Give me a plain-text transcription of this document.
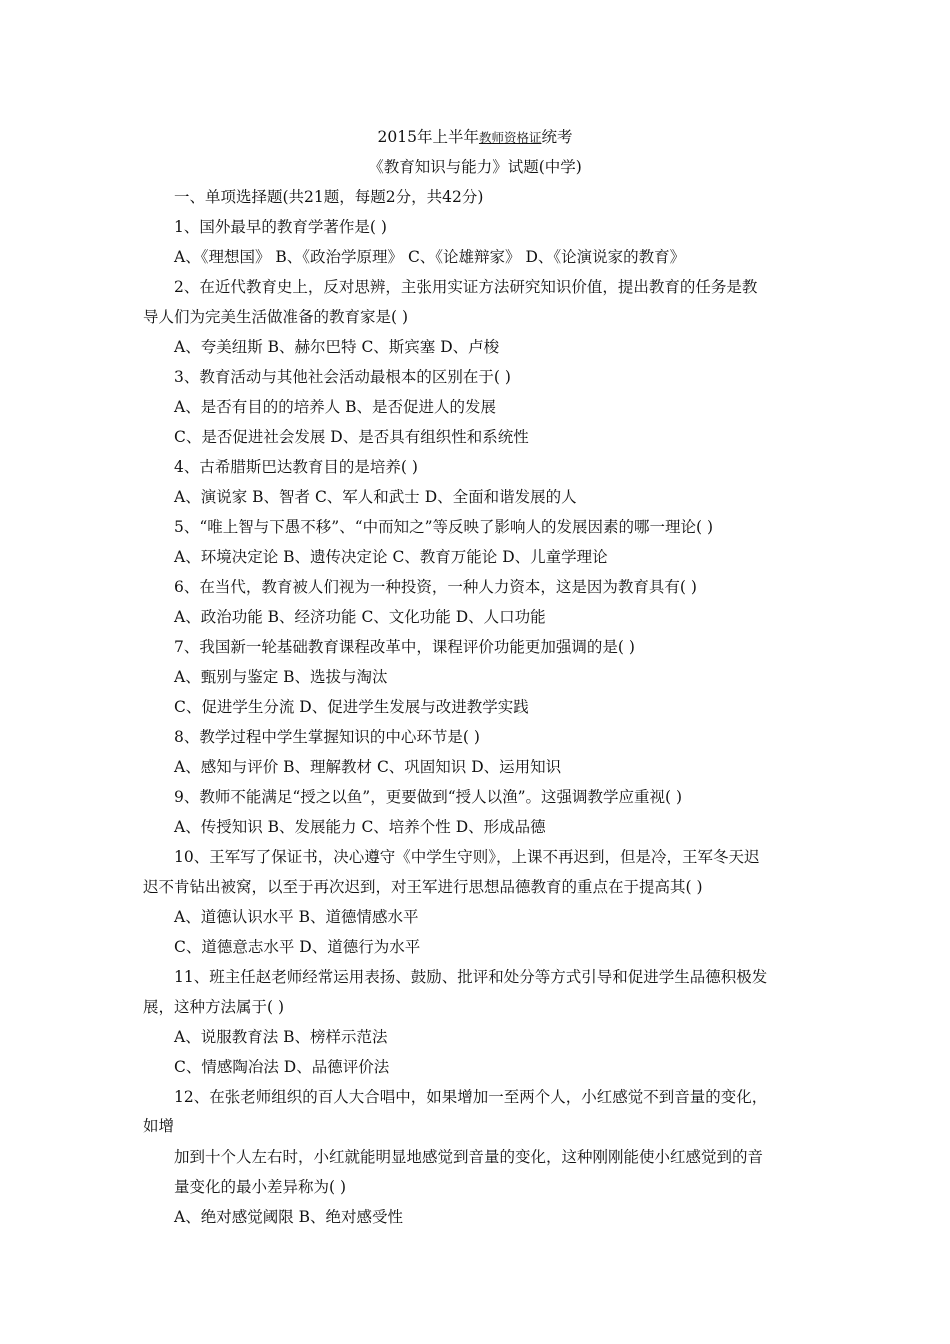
2015年上半年教师资格证统考
《教育知识与能力》试题(中学)
一、单项选择题(共21题，每题2分，共42分)
1、国外最早的教育学著作是( )
A、《理想国》 B、《政治学原理》 C、《论雄辩家》 D、《论演说家的教育》
2、在近代教育史上，反对思辨，主张用实证方法研究知识价值，提出教育的任务是教
导人们为完美生活做准备的教育家是( )
A、夸美纽斯 B、赫尔巴特 C、斯宾塞 D、卢梭
3、教育活动与其他社会活动最根本的区别在于( )
A、是否有目的的培养人 B、是否促进人的发展
C、是否促进社会发展 D、是否具有组织性和系统性
4、古希腊斯巴达教育目的是培养( )
A、演说家 B、智者 C、军人和武士 D、全面和谐发展的人
5、“唯上智与下愚不移”、“中而知之”等反映了影响人的发展因素的哪一理论( )
A、环境决定论 B、遗传决定论 C、教育万能论 D、儿童学理论
6、在当代，教育被人们视为一种投资，一种人力资本，这是因为教育具有( )
A、政治功能 B、经济功能 C、文化功能 D、人口功能
7、我国新一轮基础教育课程改革中，课程评价功能更加强调的是( )
A、甄别与鉴定 B、选拔与淘汰
C、促进学生分流 D、促进学生发展与改进教学实践
8、教学过程中学生掌握知识的中心环节是( )
A、感知与评价 B、理解教材 C、巩固知识 D、运用知识
9、教师不能满足“授之以鱼”，更要做到“授人以渔”。这强调教学应重视( )
A、传授知识 B、发展能力 C、培养个性 D、形成品德
10、王军写了保证书，决心遵守《中学生守则》，上课不再迟到，但是冷，王军冬天迟
迟不肯钻出被窝，以至于再次迟到，对王军进行思想品德教育的重点在于提高其( )
A、道德认识水平 B、道德情感水平
C、道德意志水平 D、道德行为水平
11、班主任赵老师经常运用表扬、鼓励、批评和处分等方式引导和促进学生品德积极发
展，这种方法属于( )
A、说服教育法 B、榜样示范法
C、情感陶冶法 D、品德评价法
12、在张老师组织的百人大合唱中，如果增加一至两个人，小红感觉不到音量的变化，
如增
加到十个人左右时，小红就能明显地感觉到音量的变化，这种刚刚能使小红感觉到的音
量变化的最小差异称为( )
A、绝对感觉阈限 B、绝对感受性
